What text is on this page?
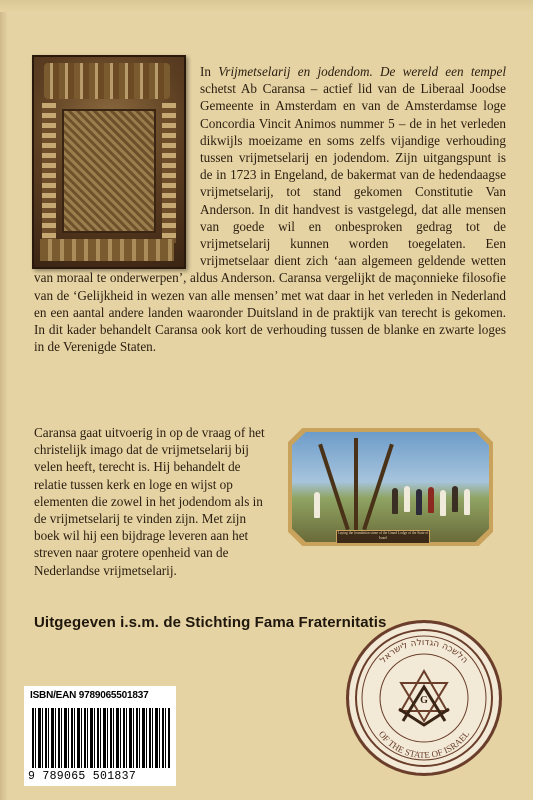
In Vrijmetselarij en jodendom. De wereld een tempel schetst Ab Caransa – actief lid van de Liberaal Joodse Gemeente in Amsterdam en van de Amsterdamse loge Concordia Vincit Animos nummer 5 – de in het verleden dikwijls moeizame en soms zelfs vijandige verhouding tussen vrijmetselarij en jodendom. Zijn uitgangspunt is de in 1723 in Engeland, de bakermat van de hedendaagse vrijmetselarij, tot stand gekomen Constitutie Van Anderson. In dit handvest is vastgelegd, dat alle mensen van goede wil en onbesproken gedrag tot de vrijmetselarij kunnen worden toegelaten. Een vrijmetselaar dient zich ‘aan algemeen geldende wetten van moraal te onderwerpen’, aldus Anderson. Caransa vergelijkt de maçonnieke filosofie van de ‘Gelijkheid in wezen van alle mensen’ met wat daar in het verleden in Nederland en een aantal andere landen waaronder Duitsland in de praktijk van terecht is gekomen. In dit kader behandelt Caransa ook kort de verhouding tussen de blanke en zwarte loges in de Verenigde Staten.
Caransa gaat uitvoerig in op de vraag of het christelijk imago dat de vrijmetselarij bij velen heeft, terecht is. Hij behandelt de relatie tussen kerk en loge en wijst op elementen die zowel in het jodendom als in de vrijmetselarij te vinden zijn. Met zijn boek wil hij een bijdrage leveren aan het streven naar grotere openheid van de Nederlandse vrijmetselarij.
Laying the foundation stone of the Grand Lodge of the State of Israel
Uitgegeven i.s.m. de Stichting Fama Fraternitatis
ISBN/EAN 9789065501837
9 789065 501837
הלשכה הגדולה לישראל
OF THE STATE OF ISRAEL
G
